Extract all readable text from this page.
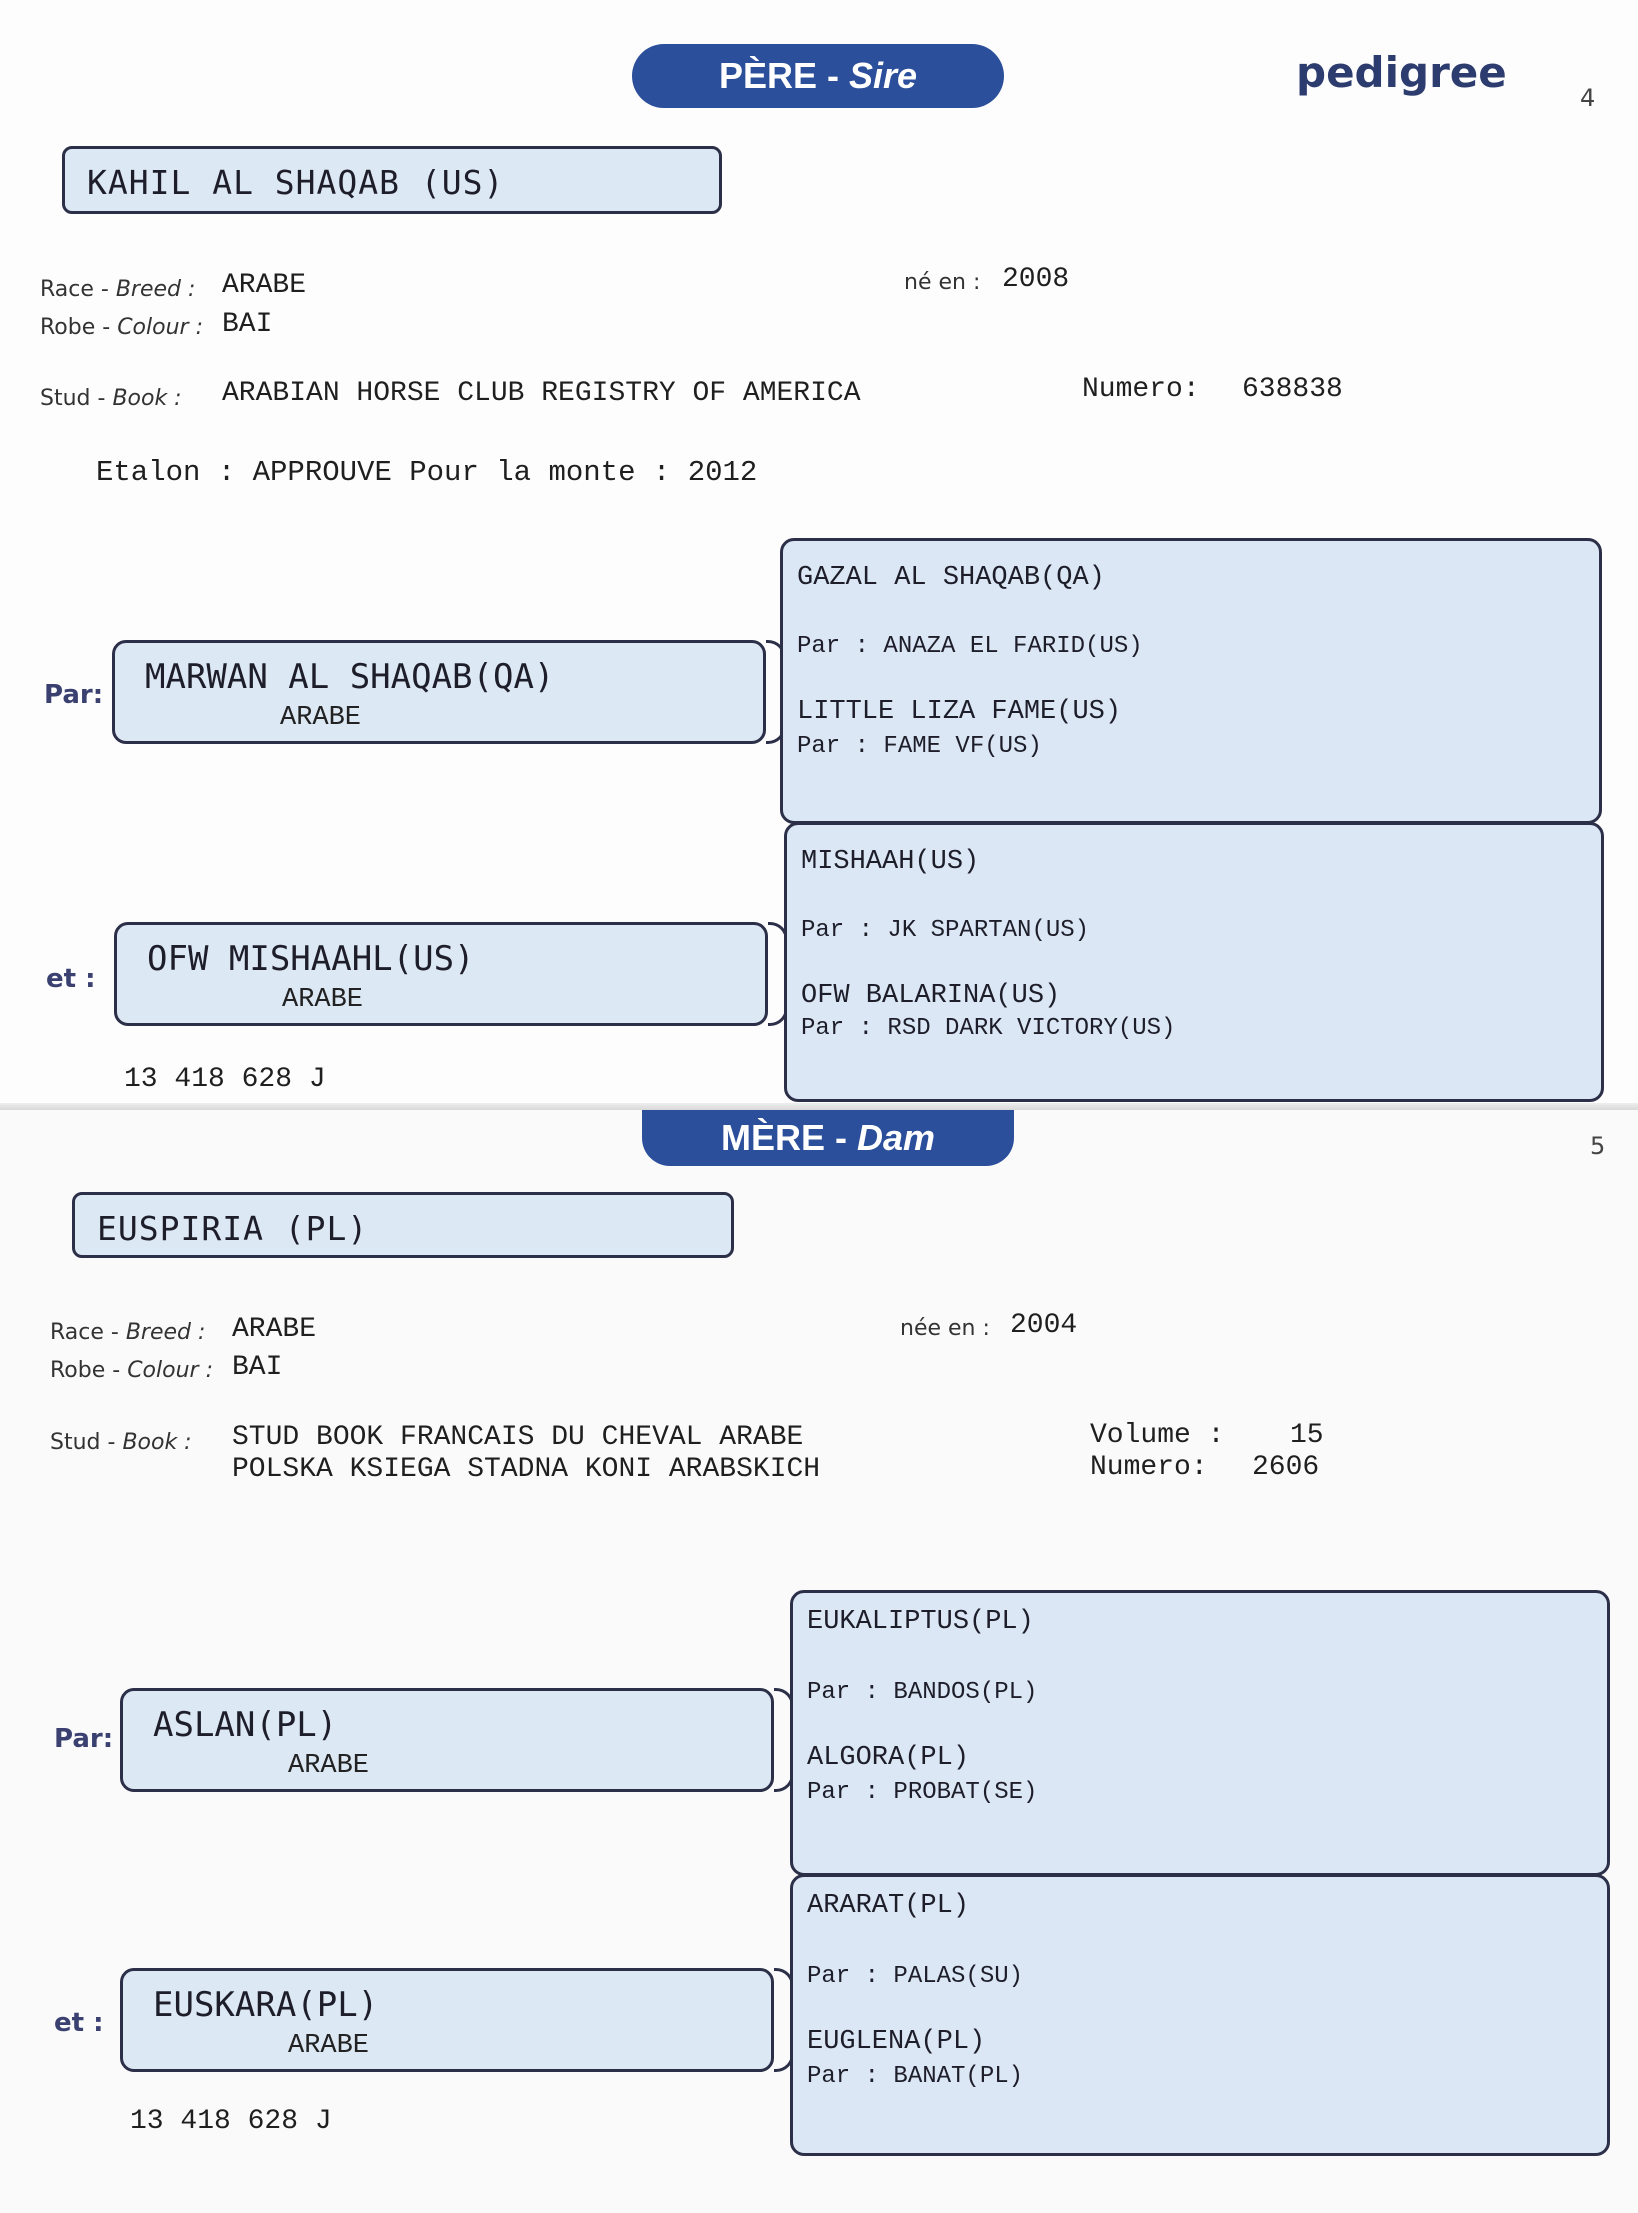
PÈRE - Sire	pedigree
4
KAHIL AL SHAQAB (US)
Race - Breed : ARABE
Robe - Colour : BAI
né en : 2008
Stud - Book : ARABIAN HORSE CLUB REGISTRY OF AMERICA	Numero: 638838
Etalon : APPROUVE Pour la monte : 2012
Par: MARWAN AL SHAQAB(QA)
ARABE
et : OFW MISHAAHL(US)
ARABE
GAZAL AL SHAQAB(QA)
Par : ANAZA EL FARID(US)
LITTLE LIZA FAME(US)
Par : FAME VF(US)
MISHAAH(US)
Par : JK SPARTAN(US)
OFW BALARINA(US)
Par : RSD DARK VICTORY(US)
13 418 628 J
MÈRE - Dam	5
EUSPIRIA (PL)
Race - Breed : ARABE
Robe - Colour : BAI
née en : 2004
Stud - Book : STUD BOOK FRANCAIS DU CHEVAL ARABE
POLSKA KSIEGA STADNA KONI ARABSKICH
Volume : 15
Numero: 2606
Par: ASLAN(PL)
ARABE
et : EUSKARA(PL)
ARABE
EUKALIPTUS(PL)
Par : BANDOS(PL)
ALGORA(PL)
Par : PROBAT(SE)
ARARAT(PL)
Par : PALAS(SU)
EUGLENA(PL)
Par : BANAT(PL)
13 418 628 J
